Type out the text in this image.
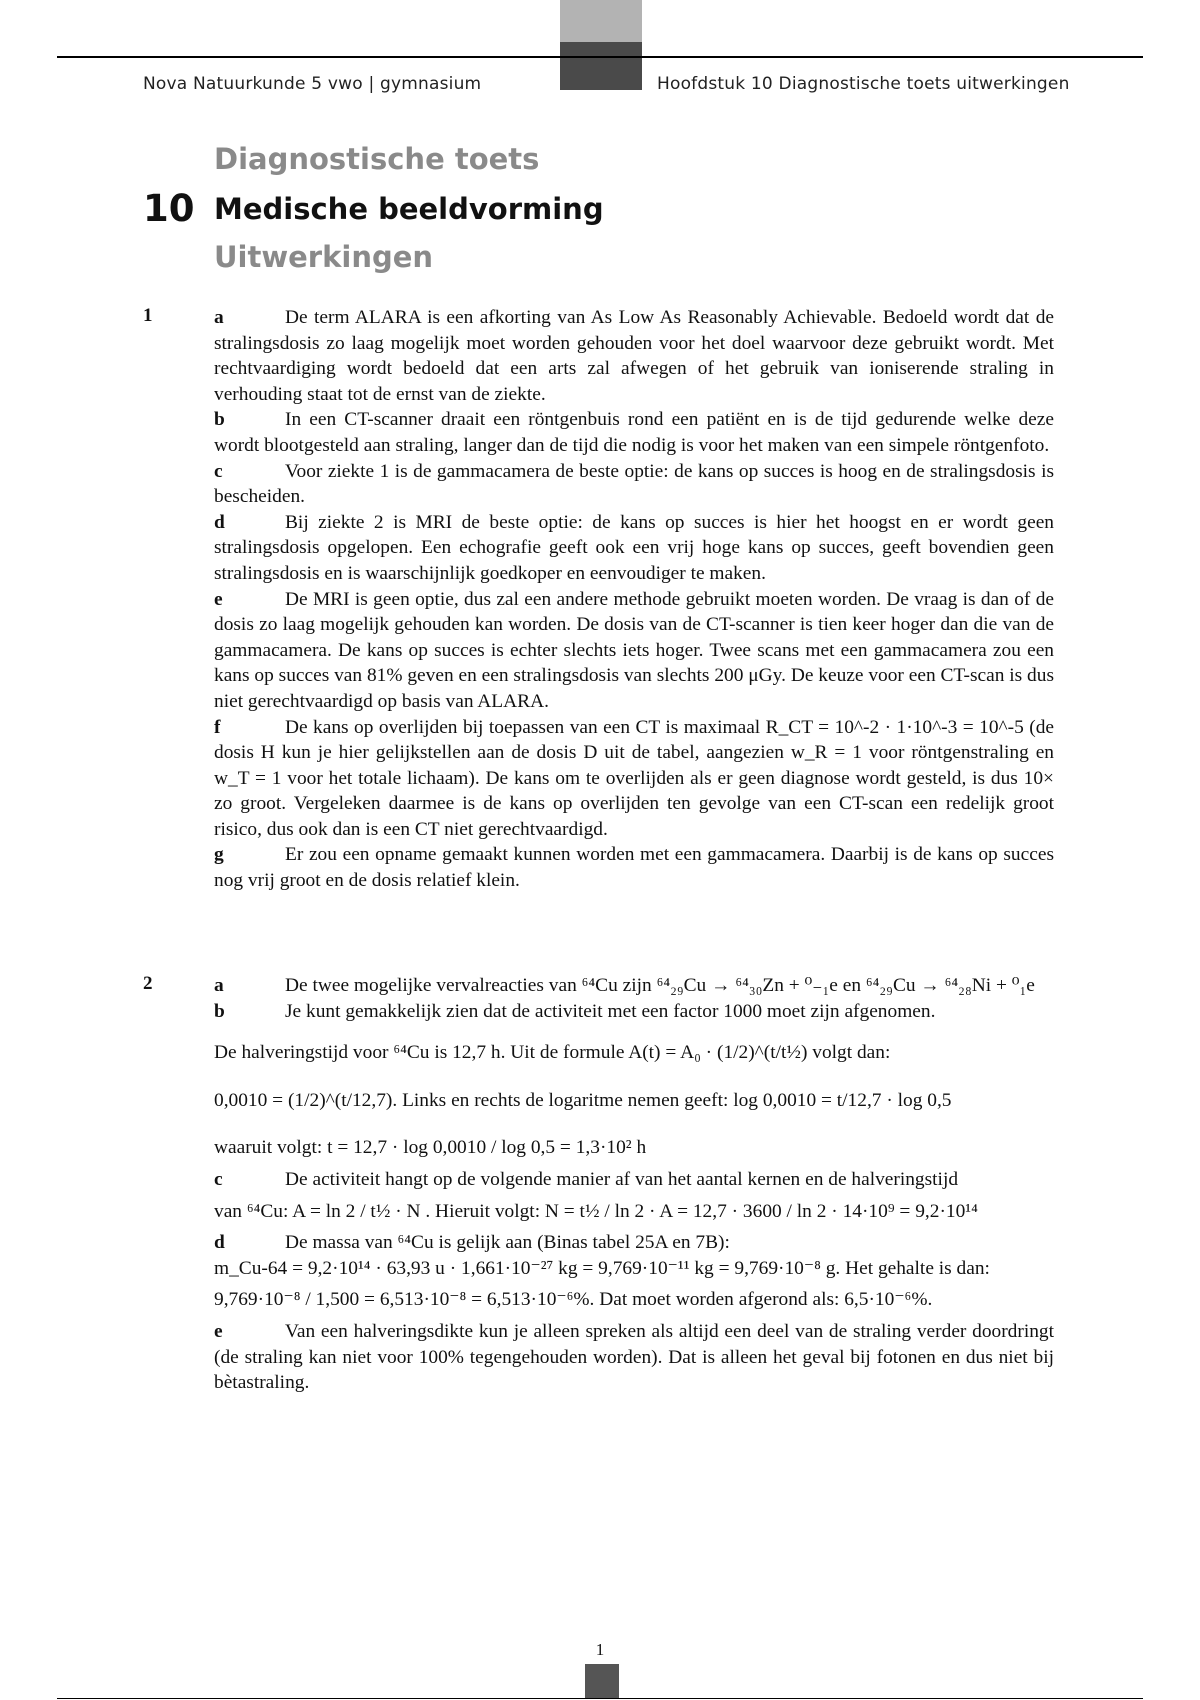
Nova Natuurkunde 5 vwo | gymnasium	Hoofdstuk 10 Diagnostische toets uitwerkingen
Diagnostische toets
10 Medische beeldvorming
Uitwerkingen
1	a	De term ALARA is een afkorting van As Low As Reasonably Achievable. Bedoeld wordt dat de stralingsdosis zo laag mogelijk moet worden gehouden voor het doel waarvoor deze gebruikt wordt. Met rechtvaardiging wordt bedoeld dat een arts zal afwegen of het gebruik van ioniserende straling in verhouding staat tot de ernst van de ziekte.
b	In een CT-scanner draait een röntgenbuis rond een patiënt en is de tijd gedurende welke deze wordt blootgesteld aan straling, langer dan de tijd die nodig is voor het maken van een simpele röntgenfoto.
c	Voor ziekte 1 is de gammacamera de beste optie: de kans op succes is hoog en de stralingsdosis is bescheiden.
d	Bij ziekte 2 is MRI de beste optie: de kans op succes is hier het hoogst en er wordt geen stralingsdosis opgelopen. Een echografie geeft ook een vrij hoge kans op succes, geeft bovendien geen stralingsdosis en is waarschijnlijk goedkoper en eenvoudiger te maken.
e	De MRI is geen optie, dus zal een andere methode gebruikt moeten worden. De vraag is dan of de dosis zo laag mogelijk gehouden kan worden. De dosis van de CT-scanner is tien keer hoger dan die van de gammacamera. De kans op succes is echter slechts iets hoger. Twee scans met een gammacamera zou een kans op succes van 81% geven en een stralingsdosis van slechts 200 μGy. De keuze voor een CT-scan is dus niet gerechtvaardigd op basis van ALARA.
f	De kans op overlijden bij toepassen van een CT is maximaal R_CT = 10^-2 · 1·10^-3 = 10^-5 (de dosis H kun je hier gelijkstellen aan de dosis D uit de tabel, aangezien w_R = 1 voor röntgenstraling en w_T = 1 voor het totale lichaam). De kans om te overlijden als er geen diagnose wordt gesteld, is dus 10× zo groot. Vergeleken daarmee is de kans op overlijden ten gevolge van een CT-scan een redelijk groot risico, dus ook dan is een CT niet gerechtvaardigd.
g	Er zou een opname gemaakt kunnen worden met een gammacamera. Daarbij is de kans op succes nog vrij groot en de dosis relatief klein.
2	a	De twee mogelijke vervalreacties van ⁶⁴Cu zijn ⁶⁴₂₉Cu → ⁶⁴₃₀Zn + ⁰₋₁e en ⁶⁴₂₉Cu → ⁶⁴₂₈Ni + ⁰₁e
b	Je kunt gemakkelijk zien dat de activiteit met een factor 1000 moet zijn afgenomen.
De halveringstijd voor ⁶⁴Cu is 12,7 h. Uit de formule A(t) = A₀ · (1/2)^(t/t½) volgt dan:
0,0010 = (1/2)^(t/12,7). Links en rechts de logaritme nemen geeft: log 0,0010 = t/12,7 · log 0,5
waaruit volgt: t = 12,7 · log 0,0010 / log 0,5 = 1,3·10² h
c	De activiteit hangt op de volgende manier af van het aantal kernen en de halveringstijd
van ⁶⁴Cu: A = ln 2 / t½ · N . Hieruit volgt: N = t½ / ln 2 · A = 12,7 · 3600 / ln 2 · 14·10⁹ = 9,2·10¹⁴
d	De massa van ⁶⁴Cu is gelijk aan (Binas tabel 25A en 7B):
m_Cu-64 = 9,2·10¹⁴ · 63,93 u · 1,661·10⁻²⁷ kg = 9,769·10⁻¹¹ kg = 9,769·10⁻⁸ g. Het gehalte is dan:
9,769·10⁻⁸ / 1,500 = 6,513·10⁻⁸ = 6,513·10⁻⁶%. Dat moet worden afgerond als: 6,5·10⁻⁶%.
e	Van een halveringsdikte kun je alleen spreken als altijd een deel van de straling verder doordringt (de straling kan niet voor 100% tegengehouden worden). Dat is alleen het geval bij fotonen en dus niet bij bètastraling.
1
